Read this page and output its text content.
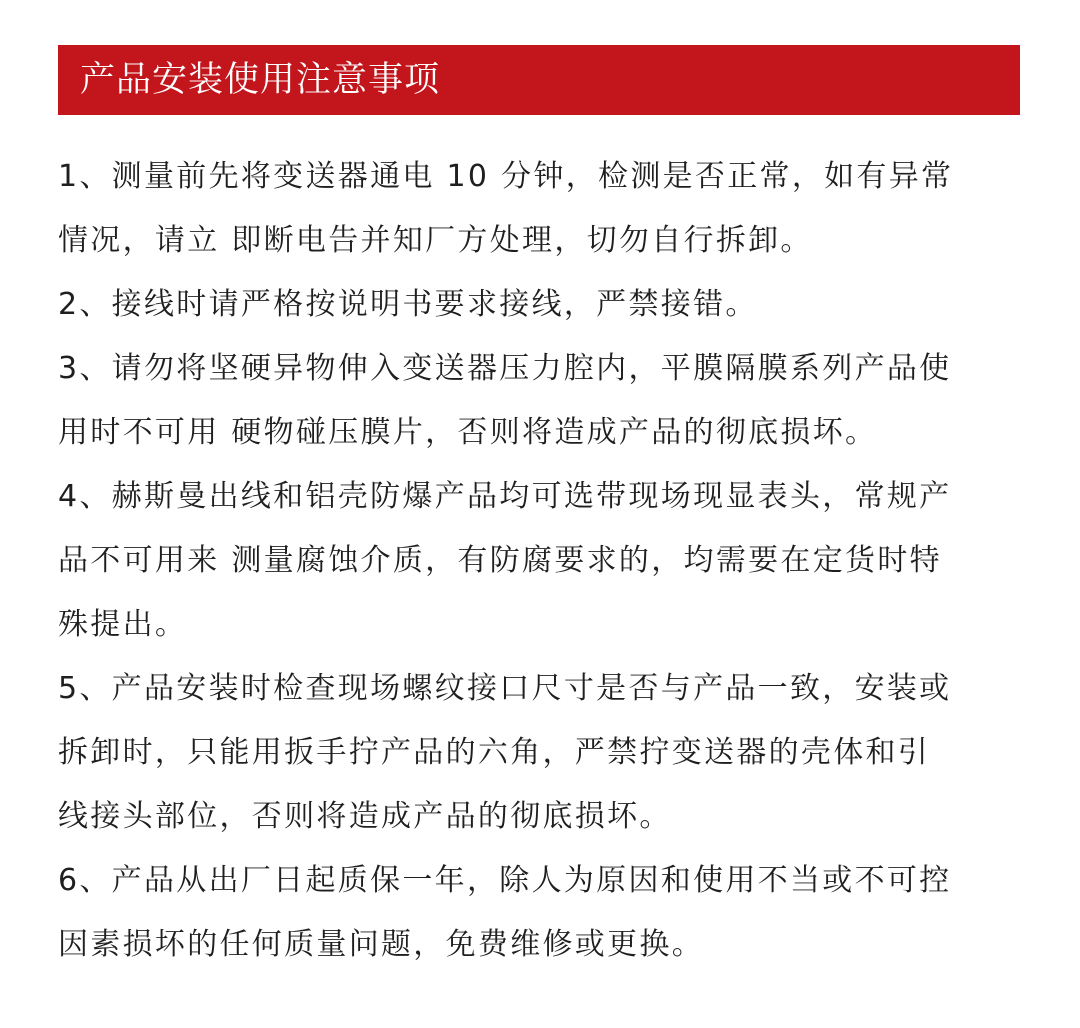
产品安装使用注意事项
1、测量前先将变送器通电 10 分钟，检测是否正常，如有异常
情况，请立 即断电告并知厂方处理，切勿自行拆卸。
2、接线时请严格按说明书要求接线，严禁接错。
3、请勿将坚硬异物伸入变送器压力腔内，平膜隔膜系列产品使
用时不可用 硬物碰压膜片，否则将造成产品的彻底损坏。
4、赫斯曼出线和铝壳防爆产品均可选带现场现显表头，常规产
品不可用来 测量腐蚀介质，有防腐要求的，均需要在定货时特
殊提出。
5、产品安装时检查现场螺纹接口尺寸是否与产品一致，安装或
拆卸时，只能用扳手拧产品的六角，严禁拧变送器的壳体和引
线接头部位，否则将造成产品的彻底损坏。
6、产品从出厂日起质保一年，除人为原因和使用不当或不可控
因素损坏的任何质量问题，免费维修或更换。
